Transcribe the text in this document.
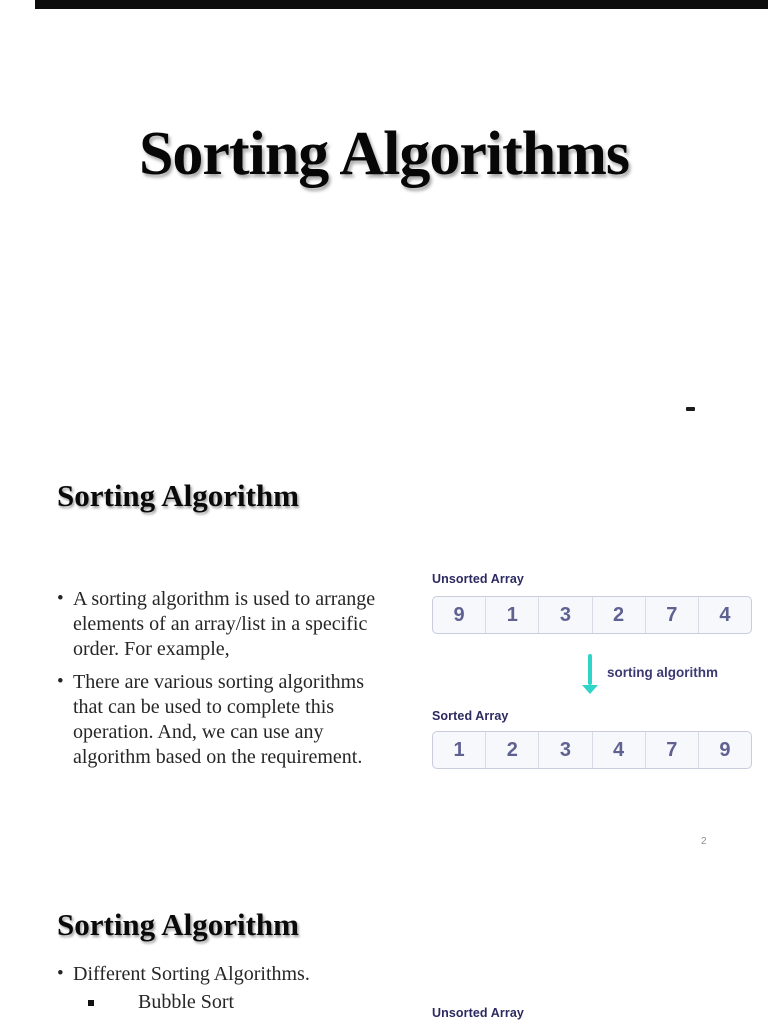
Sorting Algorithms
Sorting Algorithm
• A sorting algorithm is used to arrange
elements of an array/list in a specific
order. For example,
• There are various sorting algorithms
that can be used to complete this
operation. And, we can use any
algorithm based on the requirement.
Unsorted Array
9	1	3	2	7	4
sorting algorithm
Sorted Array
1	2	3	4	7	9
2
Sorting Algorithm
• Different Sorting Algorithms.
Bubble Sort	Unsorted Array
